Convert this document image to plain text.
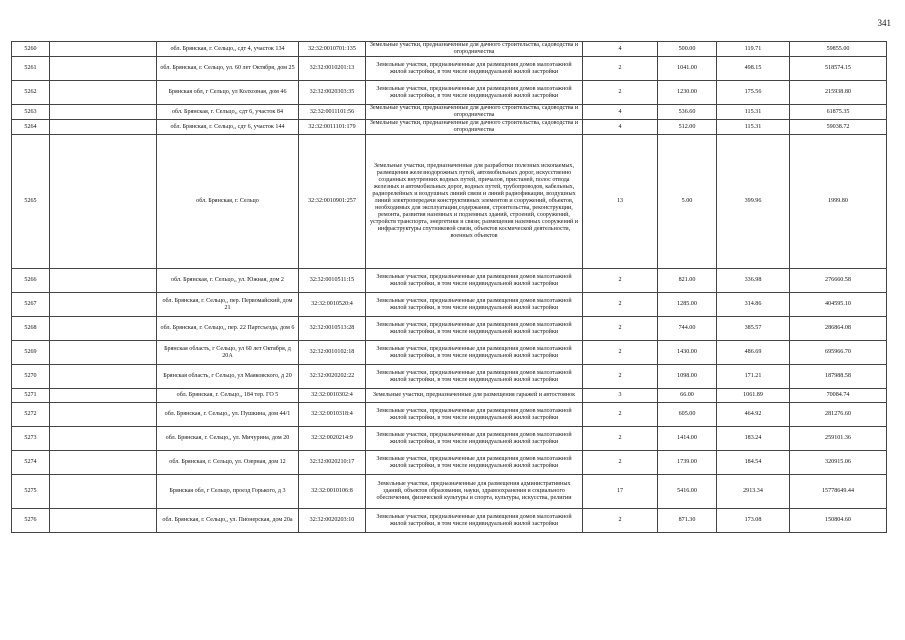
341
5260		обл. Брянская, г. Сельцо,, сдт 4, участок 134	32:32:0010701:135	Земельные участки, предназначенные для дачного строительства, садоводства и огородничества	4	500.00	119.71	59855.00
5261		обл. Брянская, г. Сельцо, ул. 60 лет Октября, дом 25	32:32:0010201:13	Земельные участки, предназначенные для размещения домов малоэтажной жилой застройки, в том числе индивидуальной жилой застройки	2	1041.00	498.15	518574.15
5262		Брянская обл, г Сельцо, ул Колхозная, дом 46	32:32:0020303:35	Земельные участки, предназначенные для размещения домов малоэтажной жилой застройки, в том числе индивидуальной жилой застройки	2	1230.00	175.56	215938.80
5263		обл. Брянская, г. Сельцо,, сдт 6, участок 84	32:32:0011101:56	Земельные участки, предназначенные для дачного строительства, садоводства и огородничества	4	536.60	115.31	61875.35
5264		обл. Брянская, г. Сельцо,, сдт 6, участок 144	32:32:0011101:179	Земельные участки, предназначенные для дачного строительства, садоводства и огородничества	4	512.00	115.31	59038.72
5265		обл. Брянская, г. Сельцо	32:32:0010901:257	Земельные участки, предназначенные для разработки полезных ископаемых, размещения железнодорожных путей, автомобильных дорог, искусственно созданных внутренних водных путей, причалов, пристаней, полос отвода железных и автомобильных дорог, водных путей, трубопроводов, кабельных, радиорелейных и воздушных линий связи и линий радиофикации, воздушных линий электропередачи конструктивных элементов и сооружений, объектов, необходимых для эксплуатации,содержания, строительства, реконструкции, ремонта, развития наземных и подземных зданий, строений, сооружений, устройств транспорта, энергетики и связи; размещения наземных сооружений и инфраструктуры спутниковой связи, объектов космической деятельности, военных объектов	13	5.00	399.96	1999.80
5266		обл. Брянская, г. Сельцо,, ул. Южная, дом 2	32:32:0010511:15	Земельные участки, предназначенные для размещения домов малоэтажной жилой застройки, в том числе индивидуальной жилой застройки	2	821.00	336.98	276660.58
5267		обл. Брянская, г. Сельцо,, пер. Первомайский, дом 21	32:32:0010520:4	Земельные участки, предназначенные для размещения домов малоэтажной жилой застройки, в том числе индивидуальной жилой застройки	2	1285.00	314.86	404595.10
5268		обл. Брянская, г. Сельцо,, пер. 22 Партсъезда, дом 6	32:32:0010513:28	Земельные участки, предназначенные для размещения домов малоэтажной жилой застройки, в том числе индивидуальной жилой застройки	2	744.00	385.57	286864.08
5269		Брянская область, г Сельцо, ул 60 лет Октября, д 20А	32:32:0010102:18	Земельные участки, предназначенные для размещения домов малоэтажной жилой застройки, в том числе индивидуальной жилой застройки	2	1430.00	486.69	695966.70
5270		Брянская область, г Сельцо, ул Маяковского, д 20	32:32:0020202:22	Земельные участки, предназначенные для размещения домов малоэтажной жилой застройки, в том числе индивидуальной жилой застройки	2	1098.00	171.21	187988.58
5271		обл. Брянская, г. Сельцо,, 184 тер. ГО 5	32:32:0010302:4	Земельные участки, предназначенные для размещения гаражей и автостоянок	3	66.00	1061.89	70084.74
5272		обл. Брянская, г. Сельцо,, ул. Пушкина, дом 44/1	32:32:0010318:4	Земельные участки, предназначенные для размещения домов малоэтажной жилой застройки, в том числе индивидуальной жилой застройки	2	605.00	464.92	281276.60
5273		обл. Брянская, г. Сельцо,, ул. Мичурина, дом 20	32:32:0020214:9	Земельные участки, предназначенные для размещения домов малоэтажной жилой застройки, в том числе индивидуальной жилой застройки	2	1414.00	183.24	259101.36
5274		обл. Брянская, г. Сельцо, ул. Озерная, дом 12	32:32:0020210:17	Земельные участки, предназначенные для размещения домов малоэтажной жилой застройки, в том числе индивидуальной жилой застройки	2	1739.00	184.54	320915.06
5275		Брянская обл, г Сельцо, проезд Горького, д 3	32:32:0010106:8	Земельные участки, предназначенные для размещения административных зданий, объектов образования, науки, здравоохранения и социального обеспечения, физической культуры и спорта, культуры, искусства, религии	17	5416.00	2913.34	15778649.44
5276		обл. Брянская, г. Сельцо,, ул. Пионерская, дом 20а	32:32:0020203:10	Земельные участки, предназначенные для размещения домов малоэтажной жилой застройки, в том числе индивидуальной жилой застройки	2	871.30	173.08	150804.60
